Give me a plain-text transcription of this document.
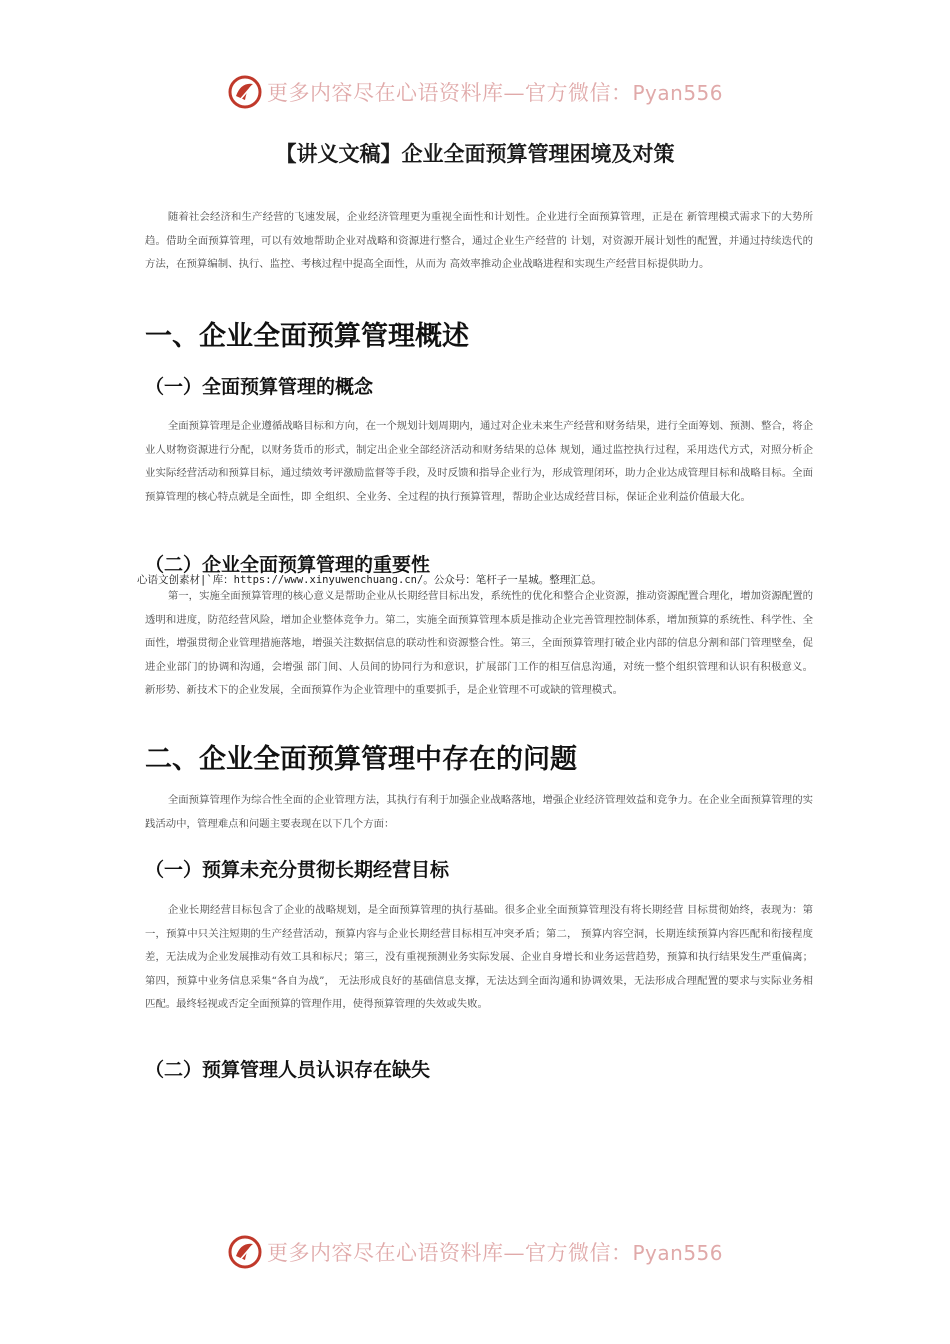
更多内容尽在心语资料库—官方微信：Pyan556
【讲义文稿】企业全面预算管理困境及对策

随着社会经济和生产经营的飞速发展，企业经济管理更为重视全面性和计划性。企业进行全面预算管理，正是在 新管理模式需求下的大势所趋。借助全面预算管理，可以有效地帮助企业对战略和资源进行整合，通过企业生产经营的 计划，对资源开展计划性的配置，并通过持续迭代的方法，在预算编制、执行、监控、考核过程中提高全面性，从而为 高效率推动企业战略进程和实现生产经营目标提供助力。

一、企业全面预算管理概述
（一）全面预算管理的概念

全面预算管理是企业遵循战略目标和方向，在一个规划计划周期内，通过对企业未来生产经营和财务结果，进行全面筹划、预测、整合，将企业人财物资源进行分配，以财务货币的形式，制定出企业全部经济活动和财务结果的总体 规划，通过监控执行过程，采用迭代方式，对照分析企业实际经营活动和预算目标，通过绩效考评激励监督等手段，及时反馈和指导企业行为，形成管理闭环，助力企业达成管理目标和战略目标。全面预算管理的核心特点就是全面性，即 全组织、全业务、全过程的执行预算管理，帮助企业达成经营目标，保证企业利益价值最大化。

（二）企业全面预算管理的重要性

心语文创素材|`库：https://www.xinyuwenchuang.cn/。公众号：笔杆子一星城。整理汇总。

第一，实施全面预算管理的核心意义是帮助企业从长期经营目标出发，系统性的优化和整合企业资源，推动资源配置合理化，增加资源配置的透明和进度，防范经营风险，增加企业整体竞争力。第二，实施全面预算管理本质是推动企业完善管理控制体系，增加预算的系统性、科学性、全面性，增强贯彻企业管理措施落地，增强关注数据信息的联动性和资源整合性。第三，全面预算管理打破企业内部的信息分割和部门管理壁垒，促进企业部门的协调和沟通，会增强 部门间、人员间的协同行为和意识，扩展部门工作的相互信息沟通，对统一整个组织管理和认识有积极意义。新形势、新技术下的企业发展，全面预算作为企业管理中的重要抓手，是企业管理不可或缺的管理模式。

二、企业全面预算管理中存在的问题

全面预算管理作为综合性全面的企业管理方法，其执行有利于加强企业战略落地，增强企业经济管理效益和竞争力。在企业全面预算管理的实践活动中，管理难点和问题主要表现在以下几个方面：

（一）预算未充分贯彻长期经营目标

企业长期经营目标包含了企业的战略规划，是全面预算管理的执行基础。很多企业全面预算管理没有将长期经营 目标贯彻始终，表现为：第一，预算中只关注短期的生产经营活动，预算内容与企业长期经营目标相互冲突矛盾；第二， 预算内容空洞，长期连续预算内容匹配和衔接程度差，无法成为企业发展推动有效工具和标尺；第三，没有重视预测业务实际发展、企业自身增长和业务运营趋势，预算和执行结果发生严重偏离；第四，预算中业务信息采集“各自为战”， 无法形成良好的基础信息支撑，无法达到全面沟通和协调效果，无法形成合理配置的要求与实际业务相匹配。最终轻视或否定全面预算的管理作用，使得预算管理的失效或失败。

（二）预算管理人员认识存在缺失
更多内容尽在心语资料库—官方微信：Pyan556
